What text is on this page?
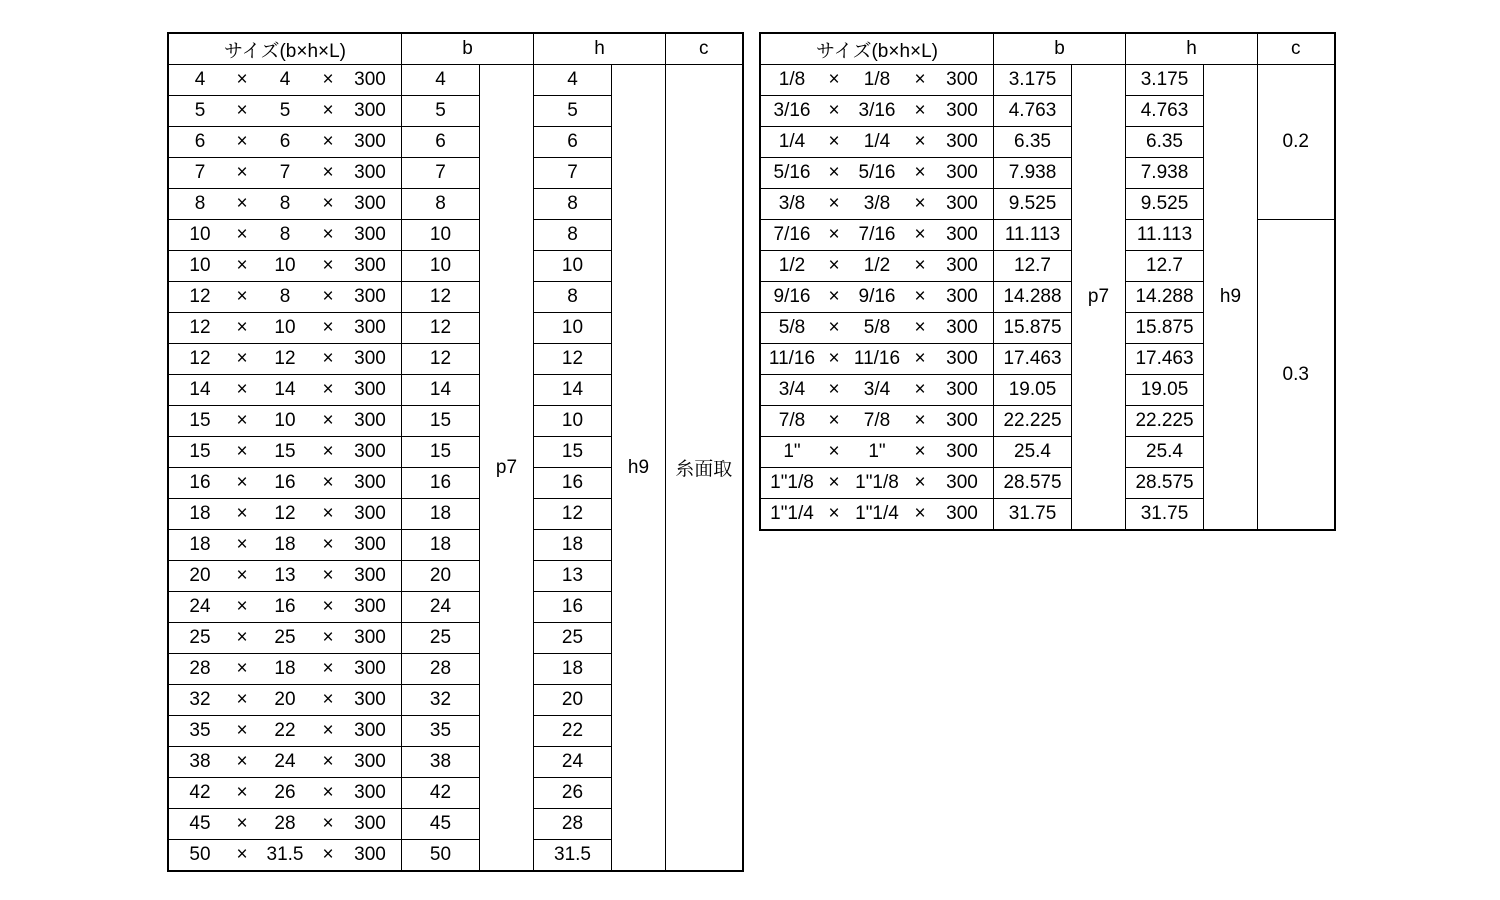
サイズ(b×h×L)	b		h		c

4 × 4 × 300	4	p7	4	h9	糸面取

5 × 5 × 300	5		5		

6 × 6 × 300	6		6		

7 × 7 × 300	7		7		

8 × 8 × 300	8		8		

10 × 8 × 300	10		8		

10 × 10 × 300	10		10		

12 × 8 × 300	12		8		

12 × 10 × 300	12		10		

12 × 12 × 300	12		12		

14 × 14 × 300	14		14		

15 × 10 × 300	15		10		

15 × 15 × 300	15		15		

16 × 16 × 300	16		16		

18 × 12 × 300	18		12		

18 × 18 × 300	18		18		

20 × 13 × 300	20		13		

24 × 16 × 300	24		16		

25 × 25 × 300	25		25		

28 × 18 × 300	28		18		

32 × 20 × 300	32		20		

35 × 22 × 300	35		22		

38 × 24 × 300	38		24		

42 × 26 × 300	42		26		

45 × 28 × 300	45		28		

50 × 31.5 × 300	50		31.5		
サイズ(b×h×L)	b		h		c

1/8 × 1/8 × 300	3.175	p7	3.175	h9	0.2

3/16 × 3/16 × 300	4.763		4.763		

1/4 × 1/4 × 300	6.35		6.35		

5/16 × 5/16 × 300	7.938		7.938		

3/8 × 3/8 × 300	9.525		9.525		

7/16 × 7/16 × 300	11.113		11.113		0.3

1/2 × 1/2 × 300	12.7		12.7		

9/16 × 9/16 × 300	14.288		14.288		

5/8 × 5/8 × 300	15.875		15.875		

11/16 × 11/16 × 300	17.463		17.463		

3/4 × 3/4 × 300	19.05		19.05		

7/8 × 7/8 × 300	22.225		22.225		

1" × 1" × 300	25.4		25.4		

1"1/8 × 1"1/8 × 300	28.575		28.575		

1"1/4 × 1"1/4 × 300	31.75		31.75		
